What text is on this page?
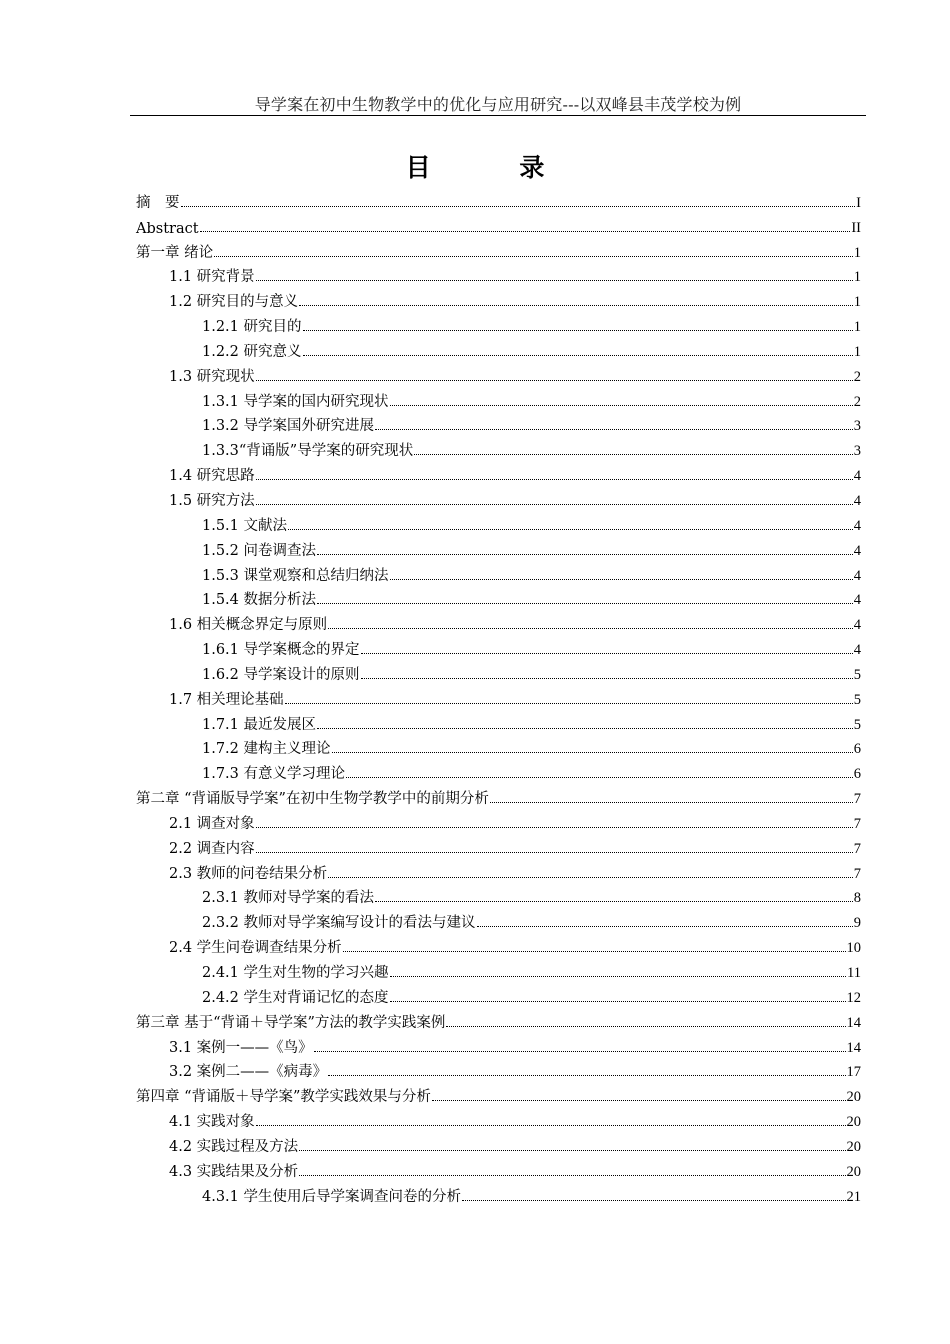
导学案在初中生物教学中的优化与应用研究---以双峰县丰茂学校为例
目 录
摘　要	I
Abstract	II
第一章 绪论	1
1.1 研究背景	1
1.2 研究目的与意义	1
1.2.1 研究目的	1
1.2.2 研究意义	1
1.3 研究现状	2
1.3.1 导学案的国内研究现状	2
1.3.2 导学案国外研究进展	3
1.3.3“背诵版”导学案的研究现状	3
1.4 研究思路	4
1.5 研究方法	4
1.5.1 文献法	4
1.5.2 问卷调查法	4
1.5.3 课堂观察和总结归纳法	4
1.5.4 数据分析法	4
1.6 相关概念界定与原则	4
1.6.1 导学案概念的界定	4
1.6.2 导学案设计的原则	5
1.7 相关理论基础	5
1.7.1 最近发展区	5
1.7.2 建构主义理论	6
1.7.3 有意义学习理论	6
第二章 “背诵版导学案”在初中生物学教学中的前期分析	7
2.1 调查对象	7
2.2 调查内容	7
2.3 教师的问卷结果分析	7
2.3.1 教师对导学案的看法	8
2.3.2 教师对导学案编写设计的看法与建议	9
2.4 学生问卷调查结果分析	10
2.4.1 学生对生物的学习兴趣	11
2.4.2 学生对背诵记忆的态度	12
第三章 基于“背诵＋导学案”方法的教学实践案例	14
3.1 案例一——《鸟》	14
3.2 案例二——《病毒》	17
第四章 “背诵版＋导学案”教学实践效果与分析	20
4.1 实践对象	20
4.2 实践过程及方法	20
4.3 实践结果及分析	20
4.3.1 学生使用后导学案调查问卷的分析	21
